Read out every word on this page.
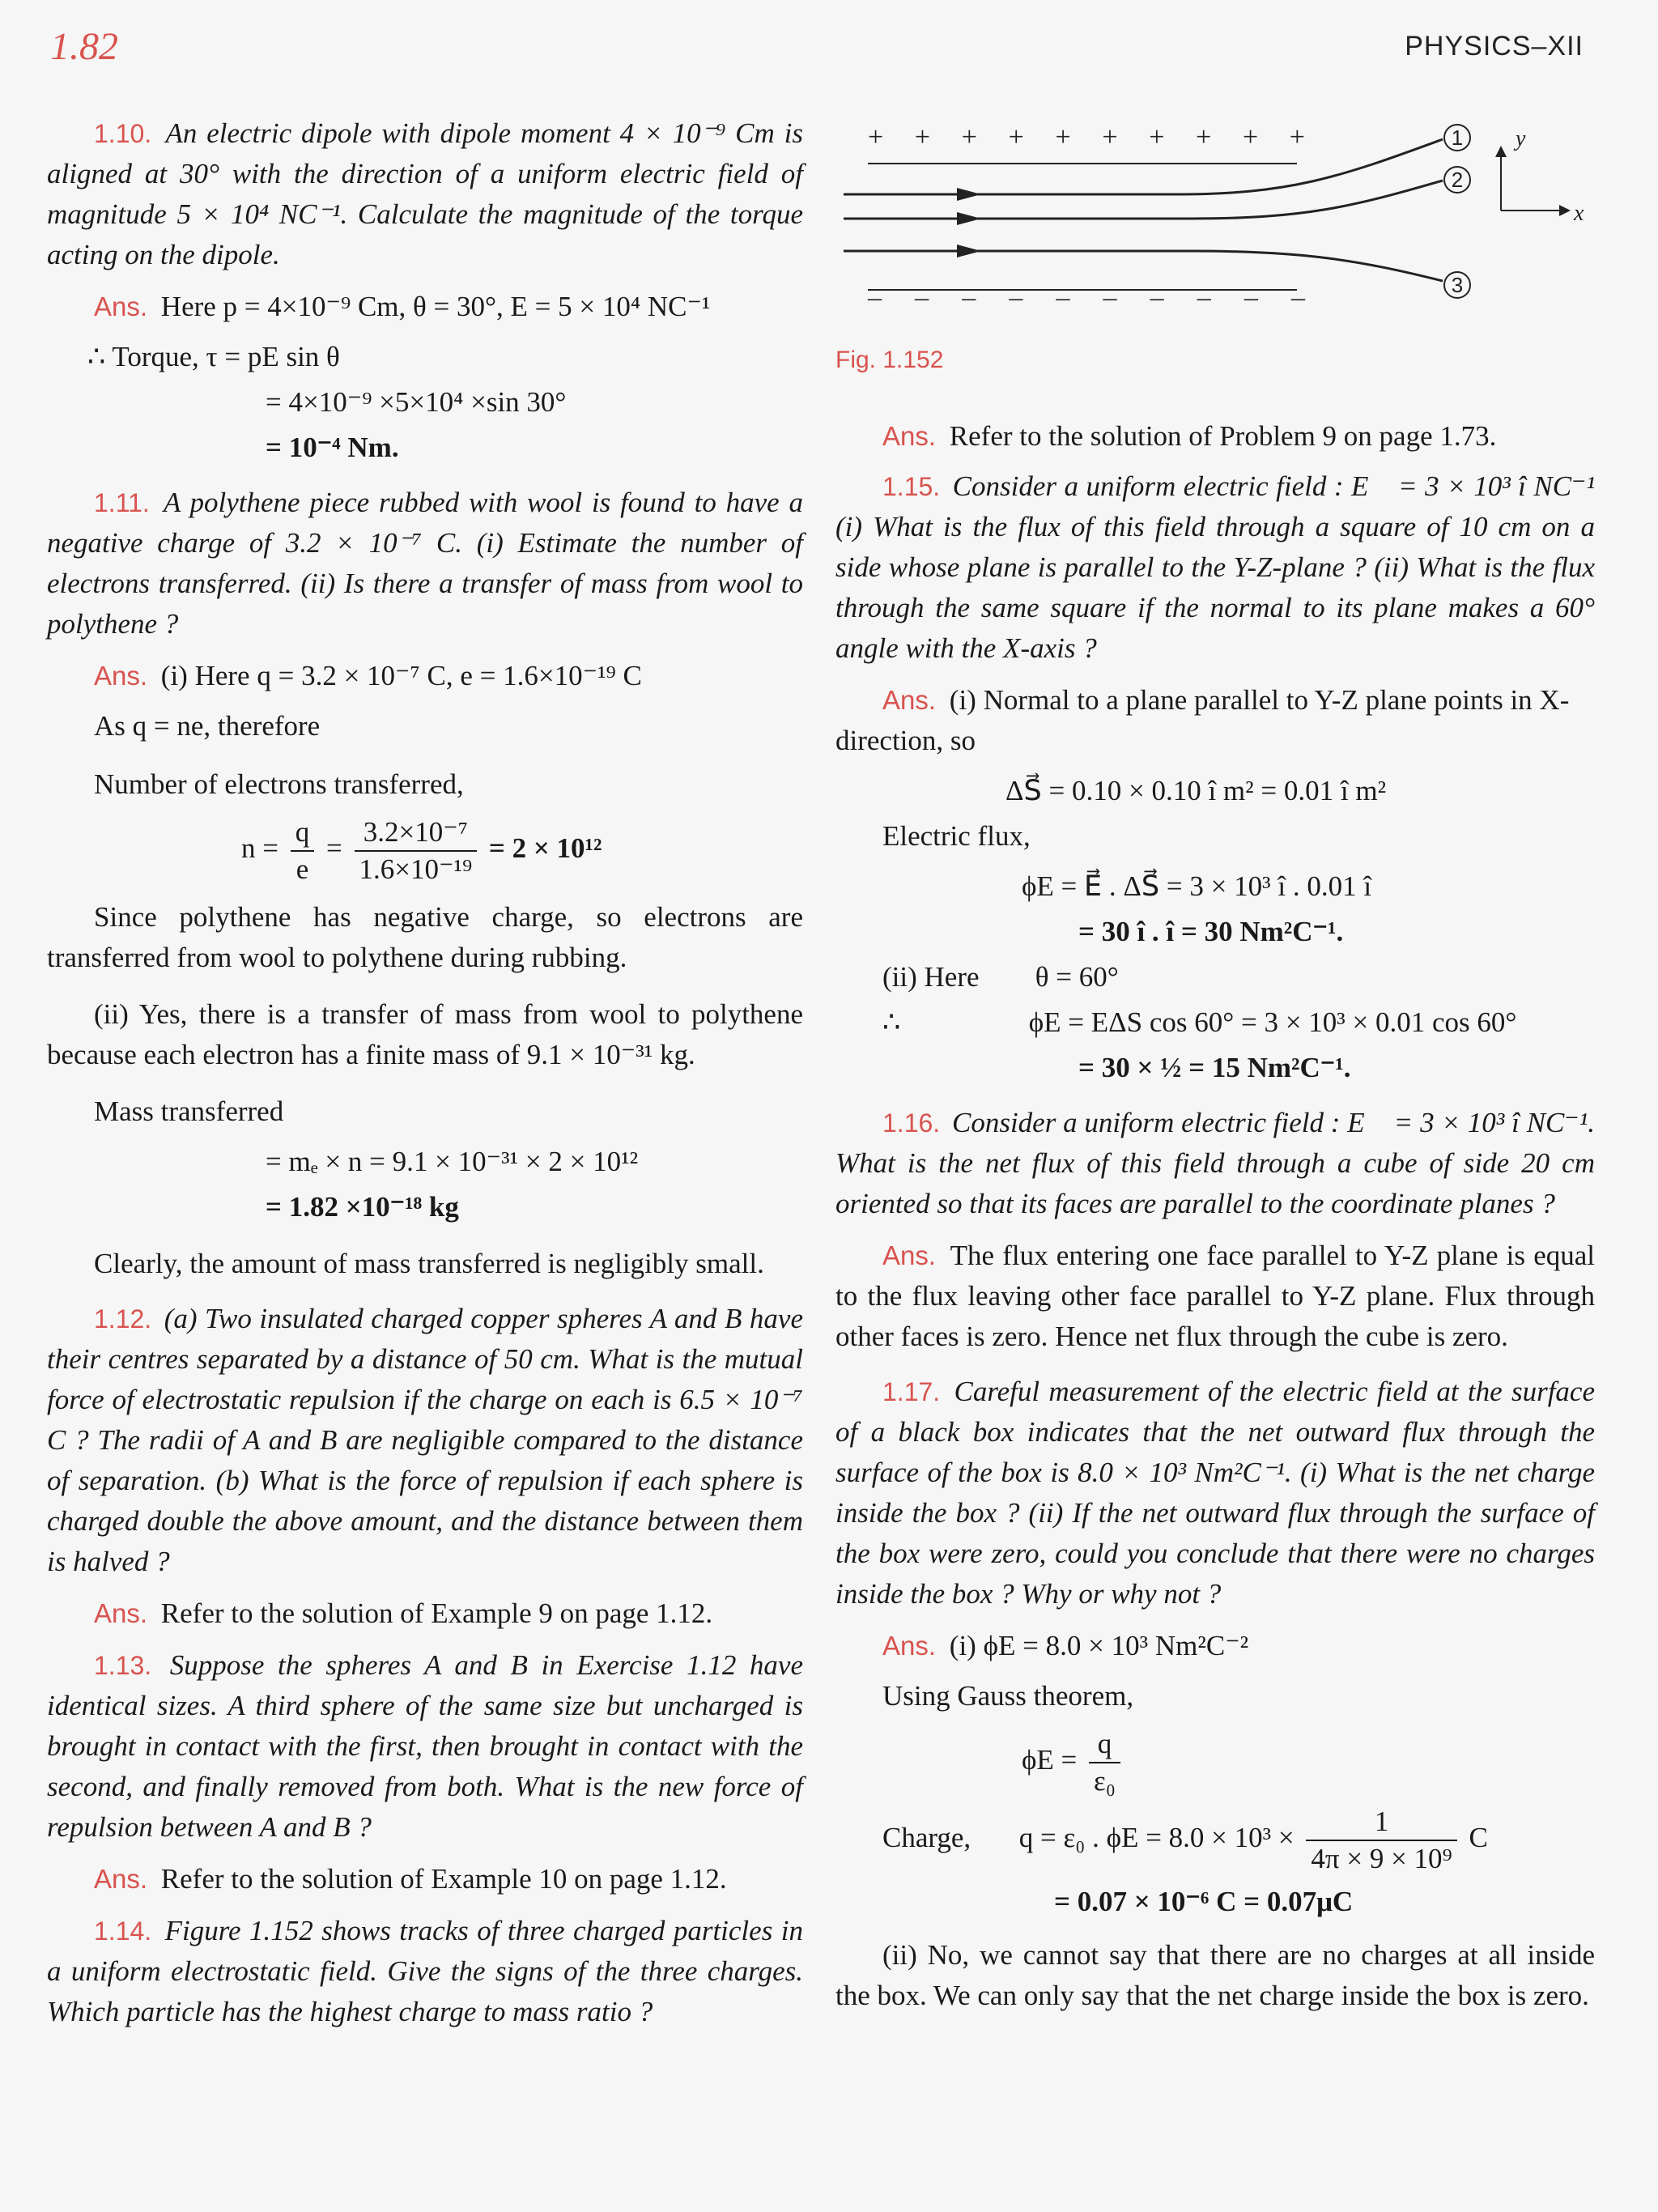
1.82	PHYSICS–XII

1.10. An electric dipole with dipole moment 4 × 10⁻⁹ Cm is aligned at 30° with the direction of a uniform electric field of magnitude 5 × 10⁴ NC⁻¹. Calculate the magnitude of the torque acting on the dipole.

Ans. Here p = 4×10⁻⁹ Cm, θ = 30°, E = 5 × 10⁴ NC⁻¹
∴ Torque, τ = pE sin θ
= 4×10⁻⁹ ×5×10⁴ ×sin 30°
= 10⁻⁴ Nm.

1.11. A polythene piece rubbed with wool is found to have a negative charge of 3.2 × 10⁻⁷ C. (i) Estimate the number of electrons transferred. (ii) Is there a transfer of mass from wool to polythene ?

Ans. (i) Here q = 3.2 × 10⁻⁷ C, e = 1.6×10⁻¹⁹ C
As q = ne, therefore
Number of electrons transferred,
$n = \frac{q}{e} = \frac{\text{3.2×10⁻⁷}}{\text{1.6×10⁻¹⁹}} = 2 \times 10^{12}$

Since polythene has negative charge, so electrons are transferred from wool to polythene during rubbing.

(ii) Yes, there is a transfer of mass from wool to polythene because each electron has a finite mass of 9.1 × 10⁻³¹ kg.

Mass transferred
= mₑ × n = 9.1 × 10⁻³¹ × 2 × 10¹²
= 1.82 ×10⁻¹⁸ kg

Clearly, the amount of mass transferred is negligibly small.

1.12. (a) Two insulated charged copper spheres A and B have their centres separated by a distance of 50 cm. What is the mutual force of electrostatic repulsion if the charge on each is 6.5 × 10⁻⁷ C ? The radii of A and B are negligible compared to the distance of separation. (b) What is the force of repulsion if each sphere is charged double the above amount, and the distance between them is halved ?

Ans. Refer to the solution of Example 9 on page 1.12.

1.13. Suppose the spheres A and B in Exercise 1.12 have identical sizes. A third sphere of the same size but uncharged is brought in contact with the first, then brought in contact with the second, and finally removed from both. What is the new force of repulsion between A and B ?

Ans. Refer to the solution of Example 10 on page 1.12.

1.14. Figure 1.152 shows tracks of three charged particles in a uniform electrostatic field. Give the signs of the three charges. Which particle has the highest charge to mass ratio ?

+ + + + + + + + + +
– – – – – – – – – –
1
2
3
y
x
Fig. 1.152
Ans. Refer to the solution of Problem 9 on page 1.73.

1.15. Consider a uniform electric field : E⃗ = 3 × 10³ î NC⁻¹ (i) What is the flux of this field through a square of 10 cm on a side whose plane is parallel to the Y-Z-plane ? (ii) What is the flux through the same square if the normal to its plane makes a 60° angle with the X-axis ?

Ans. (i) Normal to a plane parallel to Y-Z plane points in X-direction, so
ΔS⃗ = 0.10 × 0.10 î m² = 0.01 î m²
Electric flux,
ϕE = E⃗ . ΔS⃗ = 3 × 10³ î . 0.01 î
= 30 î . î = 30 Nm²C⁻¹.
(ii) Here θ = 60°
∴	ϕE = EΔS cos 60° = 3 × 10³ × 0.01 cos 60°
= 30 × ½ = 15 Nm²C⁻¹.

1.16. Consider a uniform electric field : E⃗ = 3 × 10³ î NC⁻¹. What is the net flux of this field through a cube of side 20 cm oriented so that its faces are parallel to the coordinate planes ?

Ans. The flux entering one face parallel to Y-Z plane is equal to the flux leaving other face parallel to Y-Z plane. Flux through other faces is zero. Hence net flux through the cube is zero.

1.17. Careful measurement of the electric field at the surface of a black box indicates that the net outward flux through the surface of the box is 8.0 × 10³ Nm²C⁻¹. (i) What is the net charge inside the box ? (ii) If the net outward flux through the surface of the box were zero, could you conclude that there were no charges inside the box ? Why or why not ?

Ans. (i) ϕE = 8.0 × 10³ Nm²C⁻²
Using Gauss theorem,
$\phi E = \frac{q}{\text{ε₀}}$
Charge, q = ε₀ . $\phi E = 8.0 \times 10^3 \times \frac{1}{\text{4π × 9 × 10⁹}}$ C
= 0.07 × 10⁻⁶ C = 0.07μC

(ii) No, we cannot say that there are no charges at all inside the box. We can only say that the net charge inside the box is zero.
